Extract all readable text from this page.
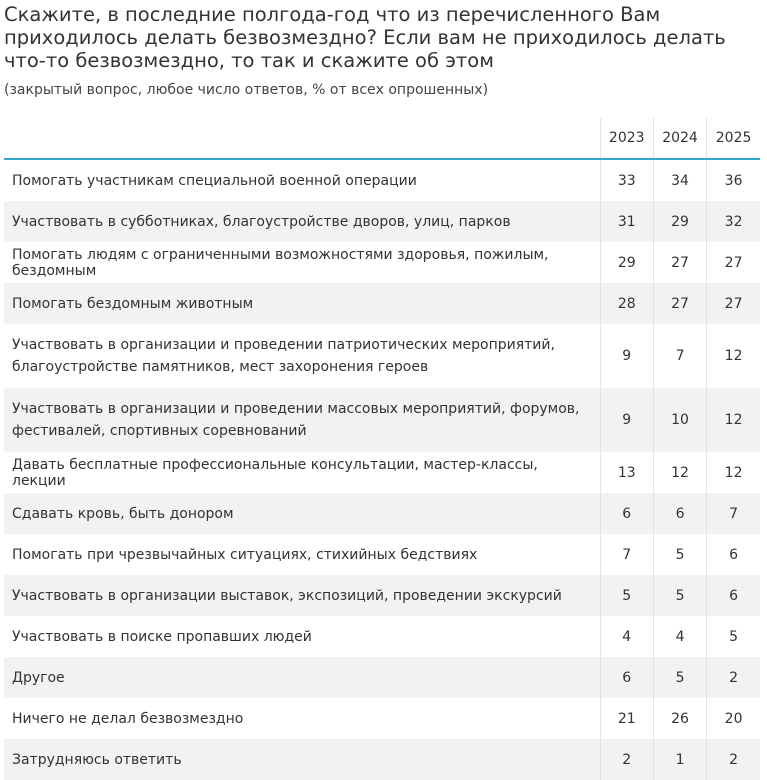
Скажите, в последние полгода-год что из перечисленного Вам приходилось делать безвозмездно? Если вам не приходилось делать что-то безвозмездно, то так и скажите об этом
(закрытый вопрос, любое число ответов, % от всех опрошенных)
	2023	2024	2025
Помогать участникам специальной военной операции	33	34	36
Участвовать в субботниках, благоустройстве дворов, улиц, парков	31	29	32
Помогать людям с ограниченными возможностями здоровья, пожилым, бездомным	29	27	27
Помогать бездомным животным	28	27	27
Участвовать в организации и проведении патриотических мероприятий, благоустройстве памятников, мест захоронения героев	9	7	12
Участвовать в организации и проведении массовых мероприятий, форумов, фестивалей, спортивных соревнований	9	10	12
Давать бесплатные профессиональные консультации, мастер-классы, лекции	13	12	12
Сдавать кровь, быть донором	6	6	7
Помогать при чрезвычайных ситуациях, стихийных бедствиях	7	5	6
Участвовать в организации выставок, экспозиций, проведении экскурсий	5	5	6
Участвовать в поиске пропавших людей	4	4	5
Другое	6	5	2
Ничего не делал безвозмездно	21	26	20
Затрудняюсь ответить	2	1	2
